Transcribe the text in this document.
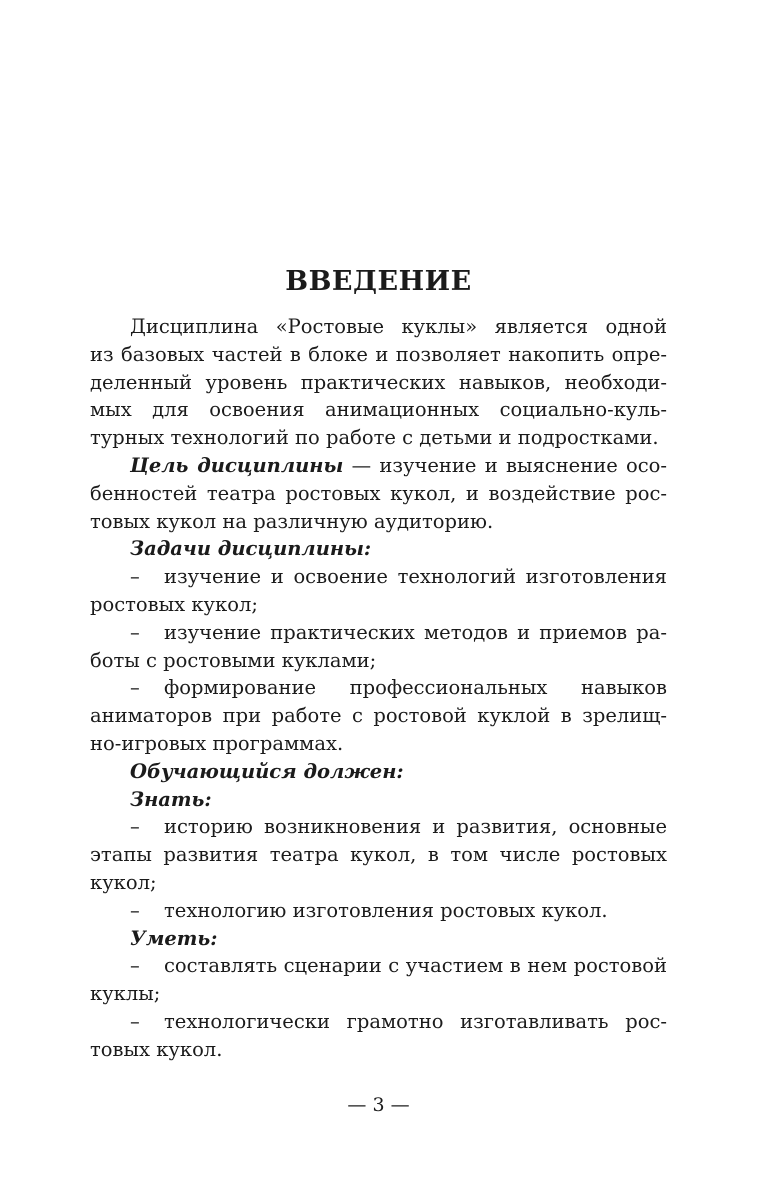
ВВЕДЕНИЕ
Дисциплина «Ростовые куклы» является одной
из базовых частей в блоке и позволяет накопить опре-
деленный уровень практических навыков, необходи-
мых для освоения анимационных социально-куль-
турных технологий по работе с детьми и подростками.
Цель дисциплины — изучение и выяснение осо-
бенностей театра ростовых кукол, и воздействие рос-
товых кукол на различную аудиторию.
Задачи дисциплины:
– изучение и освоение технологий изготовления
ростовых кукол;
– изучение практических методов и приемов ра-
боты с ростовыми куклами;
– формирование профессиональных навыков
аниматоров при работе с ростовой куклой в зрелищ-
но-игровых программах.
Обучающийся должен:
Знать:
– историю возникновения и развития, основные
этапы развития театра кукол, в том числе ростовых
кукол;
– технологию изготовления ростовых кукол.
Уметь:
– составлять сценарии с участием в нем ростовой
куклы;
– технологически грамотно изготавливать рос-
товых кукол.
— 3 —
